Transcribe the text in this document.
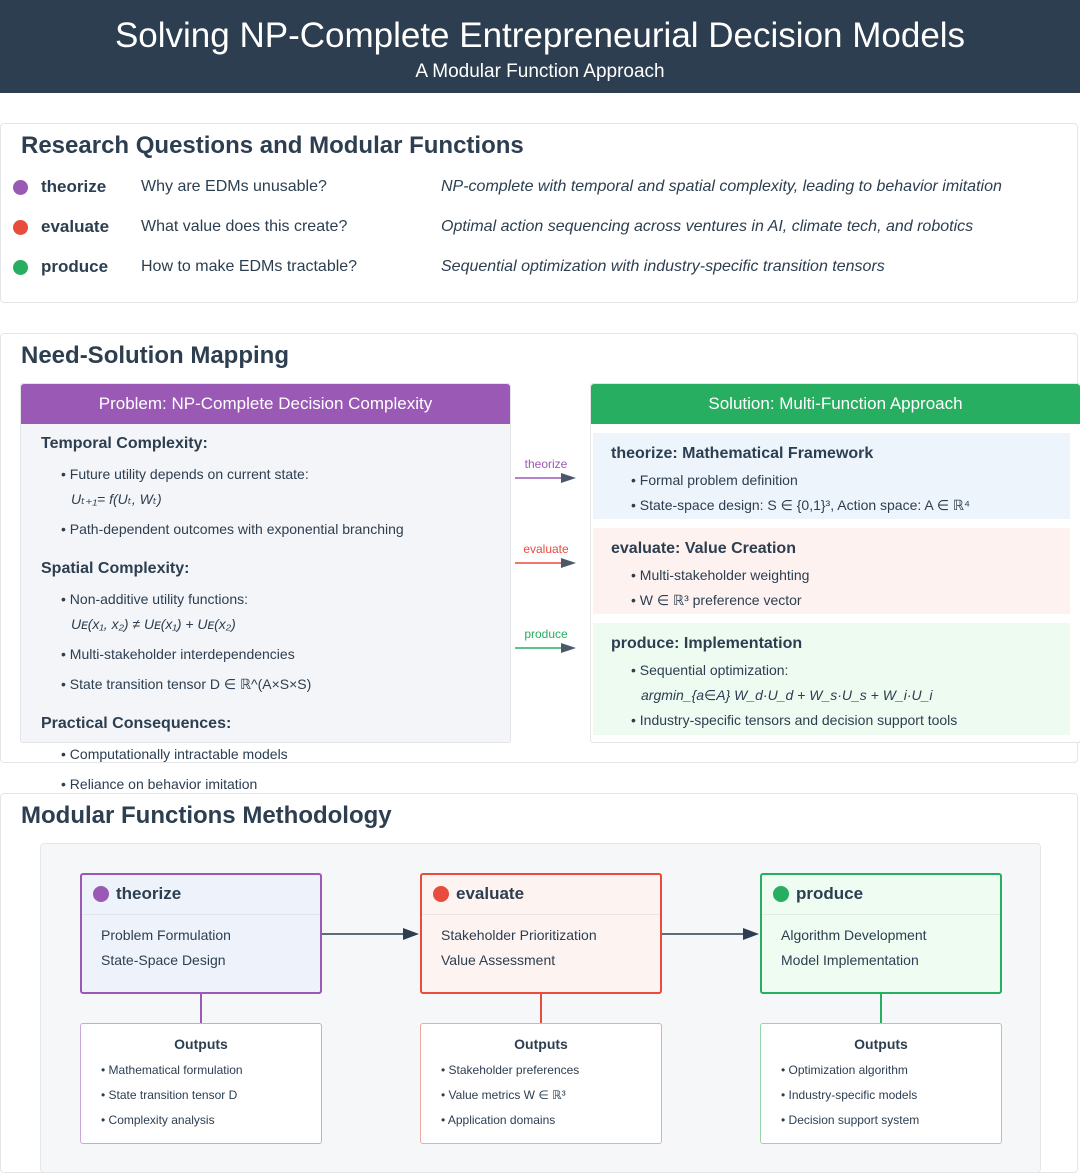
Solving NP-Complete Entrepreneurial Decision Models
A Modular Function Approach
Research Questions and Modular Functions
theorize Why are EDMs unusable?	NP-complete with temporal and spatial complexity, leading to behavior imitation
evaluate What value does this create?	Optimal action sequencing across ventures in AI, climate tech, and robotics
produce How to make EDMs tractable?	Sequential optimization with industry-specific transition tensors
Need-Solution Mapping
Problem: NP-Complete Decision Complexity
Temporal Complexity:
• Future utility depends on current state:
Uₜ₊₁= f(Uₜ, Wₜ)
• Path-dependent outcomes with exponential branching
Spatial Complexity:
• Non-additive utility functions:
Uᴇ(x₁, x₂) ≠ Uᴇ(x₁) + Uᴇ(x₂)
• Multi-stakeholder interdependencies
• State transition tensor D ∈ ℝ^(A×S×S)
Practical Consequences:
• Computationally intractable models
• Reliance on behavior imitation
theorize
evaluate
produce
Solution: Multi-Function Approach
theorize: Mathematical Framework
• Formal problem definition
• State-space design: S ∈ {0,1}³, Action space: A ∈ ℝ⁴
evaluate: Value Creation
• Multi-stakeholder weighting
• W ∈ ℝ³ preference vector
produce: Implementation
• Sequential optimization:
argmin_{a∈A} W_d·U_d + W_s·U_s + W_i·U_i
• Industry-specific tensors and decision support tools
Modular Functions Methodology
theorize
Problem Formulation
State-Space Design
evaluate
Stakeholder Prioritization
Value Assessment
produce
Algorithm Development
Model Implementation
Outputs
• Mathematical formulation
• State transition tensor D
• Complexity analysis
Outputs
• Stakeholder preferences
• Value metrics W ∈ ℝ³
• Application domains
Outputs
• Optimization algorithm
• Industry-specific models
• Decision support system
